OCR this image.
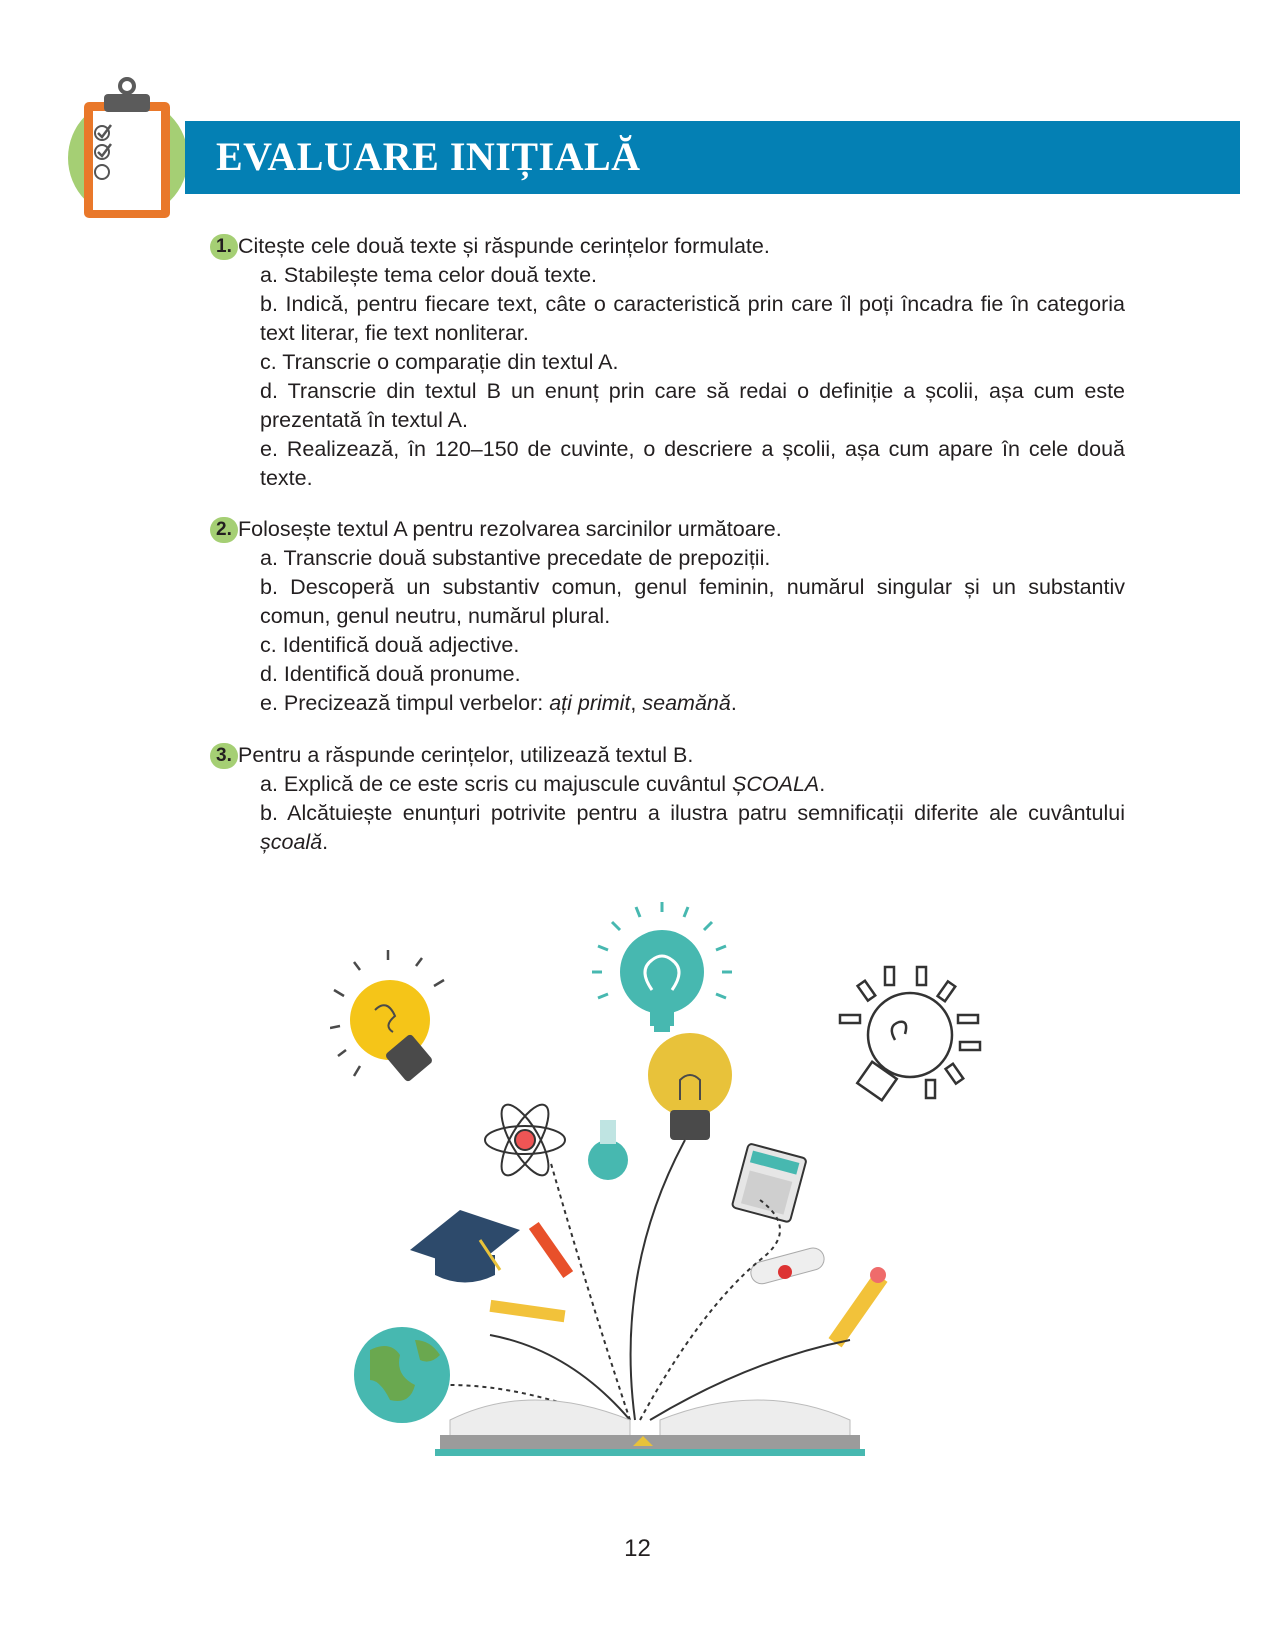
EVALUARE INIȚIALĂ
1. Citește cele două texte și răspunde cerințelor formulate.
a. Stabilește tema celor două texte.
b. Indică, pentru fiecare text, câte o caracteristică prin care îl poți încadra fie în categoria text literar, fie text nonliterar.
c. Transcrie o comparație din textul A.
d. Transcrie din textul B un enunț prin care să redai o definiție a școlii, așa cum este prezentată în textul A.
e. Realizează, în 120–150 de cuvinte, o descriere a școlii, așa cum apare în cele două texte.
2. Folosește textul A pentru rezolvarea sarcinilor următoare.
a. Transcrie două substantive precedate de prepoziții.
b. Descoperă un substantiv comun, genul feminin, numărul singular și un substantiv comun, genul neutru, numărul plural.
c. Identifică două adjective.
d. Identifică două pronume.
e. Precizează timpul verbelor: ați primit, seamănă.
3. Pentru a răspunde cerințelor, utilizează textul B.
a. Explică de ce este scris cu majuscule cuvântul ȘCOALA.
b. Alcătuiește enunțuri potrivite pentru a ilustra patru semnificații diferite ale cuvântului școală.
12
